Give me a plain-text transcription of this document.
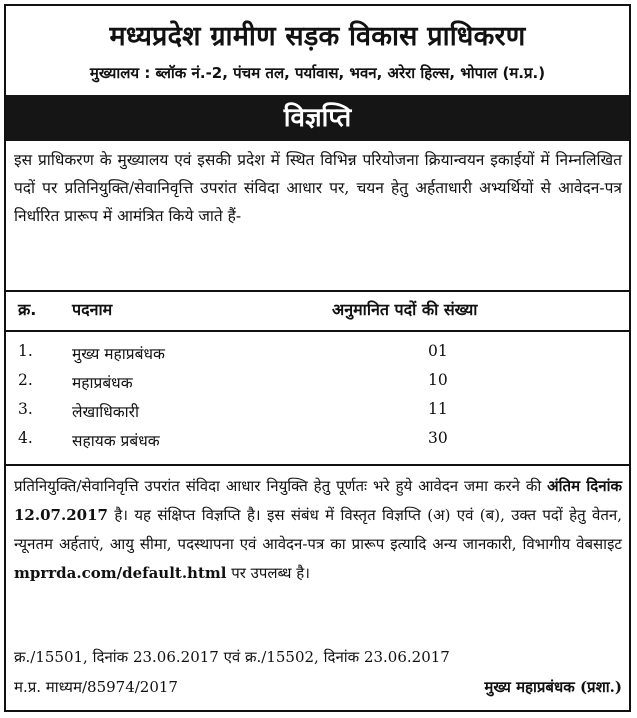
मध्यप्रदेश ग्रामीण सड़क विकास प्राधिकरण
मुख्यालय : ब्लॉक नं.-2, पंचम तल, पर्यावास, भवन, अरेरा हिल्स, भोपाल (म.प्र.)
विज्ञप्ति
इस प्राधिकरण के मुख्यालय एवं इसकी प्रदेश में स्थित विभिन्न परियोजना क्रियान्वयन इकाईयों में निम्नलिखित पदों पर प्रतिनियुक्ति/सेवानिवृत्ति उपरांत संविदा आधार पर, चयन हेतु अर्हताधारी अभ्यर्थियों से आवेदन-पत्र निर्धारित प्रारूप में आमंत्रित किये जाते हैं-
क्र. पदनाम	अनुमानित पदों की संख्या
1.	मुख्य महाप्रबंधक	01
2.	महाप्रबंधक	10
3.	लेखाधिकारी	11
4.	सहायक प्रबंधक	30
प्रतिनियुक्ति/सेवानिवृत्ति उपरांत संविदा आधार नियुक्ति हेतु पूर्णतः भरे हुये आवेदन जमा करने की अंतिम दिनांक 12.07.2017 है। यह संक्षिप्त विज्ञप्ति है। इस संबंध में विस्तृत विज्ञप्ति (अ) एवं (ब), उक्त पदों हेतु वेतन, न्यूनतम अर्हताएं, आयु सीमा, पदस्थापना एवं आवेदन-पत्र का प्रारूप इत्यादि अन्य जानकारी, विभागीय वेबसाइट mprrda.com/default.html पर उपलब्ध है।
क्र./15501, दिनांक 23.06.2017 एवं क्र./15502, दिनांक 23.06.2017
म.प्र. माध्यम/85974/2017	मुख्य महाप्रबंधक (प्रशा.)
